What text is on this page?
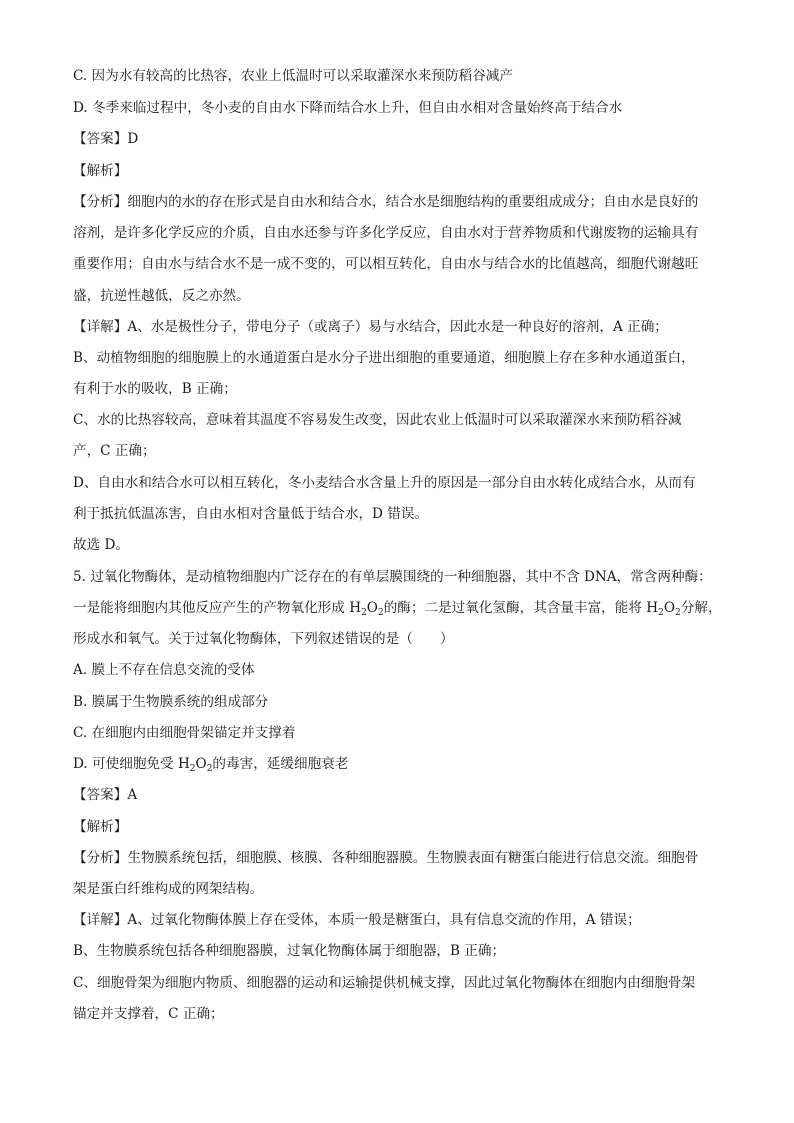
C. 因为水有较高的比热容，农业上低温时可以采取灌深水来预防稻谷减产
D. 冬季来临过程中，冬小麦的自由水下降而结合水上升，但自由水相对含量始终高于结合水
【答案】D
【解析】
【分析】细胞内的水的存在形式是自由水和结合水，结合水是细胞结构的重要组成成分；自由水是良好的
溶剂，是许多化学反应的介质，自由水还参与许多化学反应，自由水对于营养物质和代谢废物的运输具有
重要作用；自由水与结合水不是一成不变的，可以相互转化，自由水与结合水的比值越高，细胞代谢越旺
盛，抗逆性越低，反之亦然。
【详解】A、水是极性分子，带电分子（或离子）易与水结合，因此水是一种良好的溶剂，A 正确；
B、动植物细胞的细胞膜上的水通道蛋白是水分子进出细胞的重要通道，细胞膜上存在多种水通道蛋白，
有利于水的吸收，B 正确；
C、水的比热容较高，意味着其温度不容易发生改变，因此农业上低温时可以采取灌深水来预防稻谷减
产，C 正确；
D、自由水和结合水可以相互转化，冬小麦结合水含量上升的原因是一部分自由水转化成结合水，从而有
利于抵抗低温冻害，自由水相对含量低于结合水，D 错误。
故选 D。
5. 过氧化物酶体，是动植物细胞内广泛存在的有单层膜围绕的一种细胞器，其中不含 DNA，常含两种酶：
一是能将细胞内其他反应产生的产物氧化形成 $H_2O_2$的酶；二是过氧化氢酶，其含量丰富，能将 $H_2O_2$分解，
形成水和氧气。关于过氧化物酶体，下列叙述错误的是（　　）
A. 膜上不存在信息交流的受体
B. 膜属于生物膜系统的组成部分
C. 在细胞内由细胞骨架锚定并支撑着
D. 可使细胞免受 $H_2O_2$的毒害，延缓细胞衰老
【答案】A
【解析】
【分析】生物膜系统包括，细胞膜、核膜、各种细胞器膜。生物膜表面有糖蛋白能进行信息交流。细胞骨
架是蛋白纤维构成的网架结构。
【详解】A、过氧化物酶体膜上存在受体，本质一般是糖蛋白，具有信息交流的作用，A 错误；
B、生物膜系统包括各种细胞器膜，过氧化物酶体属于细胞器，B 正确；
C、细胞骨架为细胞内物质、细胞器的运动和运输提供机械支撑，因此过氧化物酶体在细胞内由细胞骨架
锚定并支撑着，C 正确；
